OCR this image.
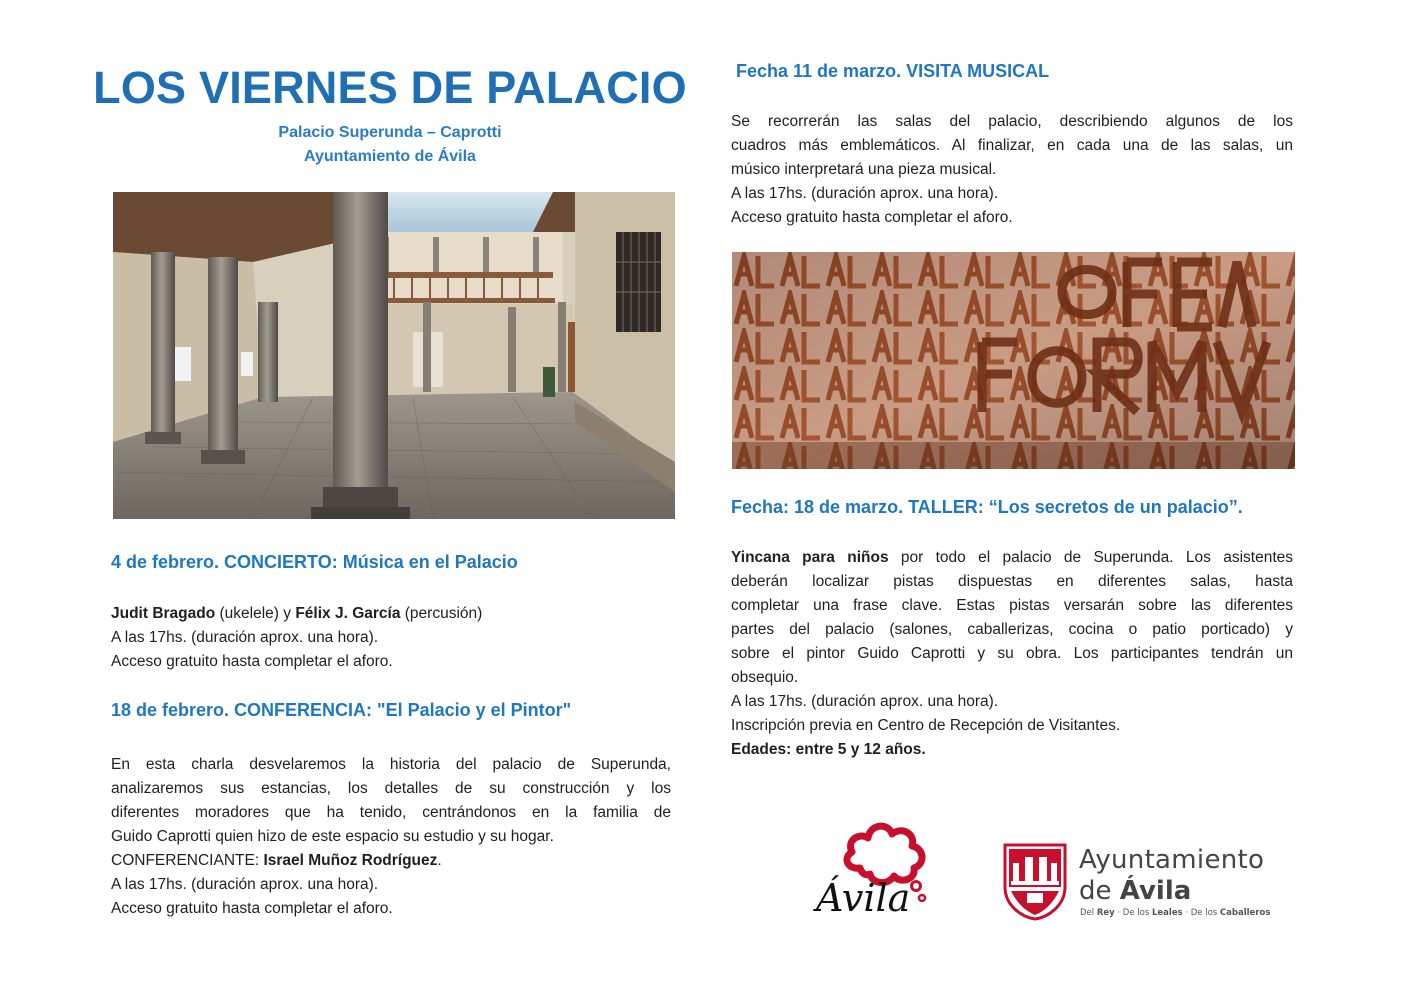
LOS VIERNES DE PALACIO
Palacio Superunda – Caprotti
Ayuntamiento de Ávila
4 de febrero. CONCIERTO: Música en el Palacio
Judit Bragado (ukelele) y Félix J. García (percusión)
A las 17hs. (duración aprox. una hora).
Acceso gratuito hasta completar el aforo.
18 de febrero. CONFERENCIA: "El Palacio y el Pintor"
En esta charla desvelaremos la historia del palacio de Superunda,
analizaremos sus estancias, los detalles de su construcción y los
diferentes moradores que ha tenido, centrándonos en la familia de
Guido Caprotti quien hizo de este espacio su estudio y su hogar.
CONFERENCIANTE: Israel Muñoz Rodríguez.
A las 17hs. (duración aprox. una hora).
Acceso gratuito hasta completar el aforo.
Fecha 11 de marzo. VISITA MUSICAL
Se recorrerán las salas del palacio, describiendo algunos de los
cuadros más emblemáticos. Al finalizar, en cada una de las salas, un
músico interpretará una pieza musical.
A las 17hs. (duración aprox. una hora).
Acceso gratuito hasta completar el aforo.
Fecha: 18 de marzo. TALLER: “Los secretos de un palacio”.
Yincana para niños por todo el palacio de Superunda. Los asistentes
deberán localizar pistas dispuestas en diferentes salas, hasta
completar una frase clave. Estas pistas versarán sobre las diferentes
partes del palacio (salones, caballerizas, cocina o patio porticado) y
sobre el pintor Guido Caprotti y su obra. Los participantes tendrán un
obsequio.
A las 17hs. (duración aprox. una hora).
Inscripción previa en Centro de Recepción de Visitantes.
Edades: entre 5 y 12 años.
Ávila
Ayuntamiento
de Ávila
Del Rey · De los Leales · De los Caballeros
